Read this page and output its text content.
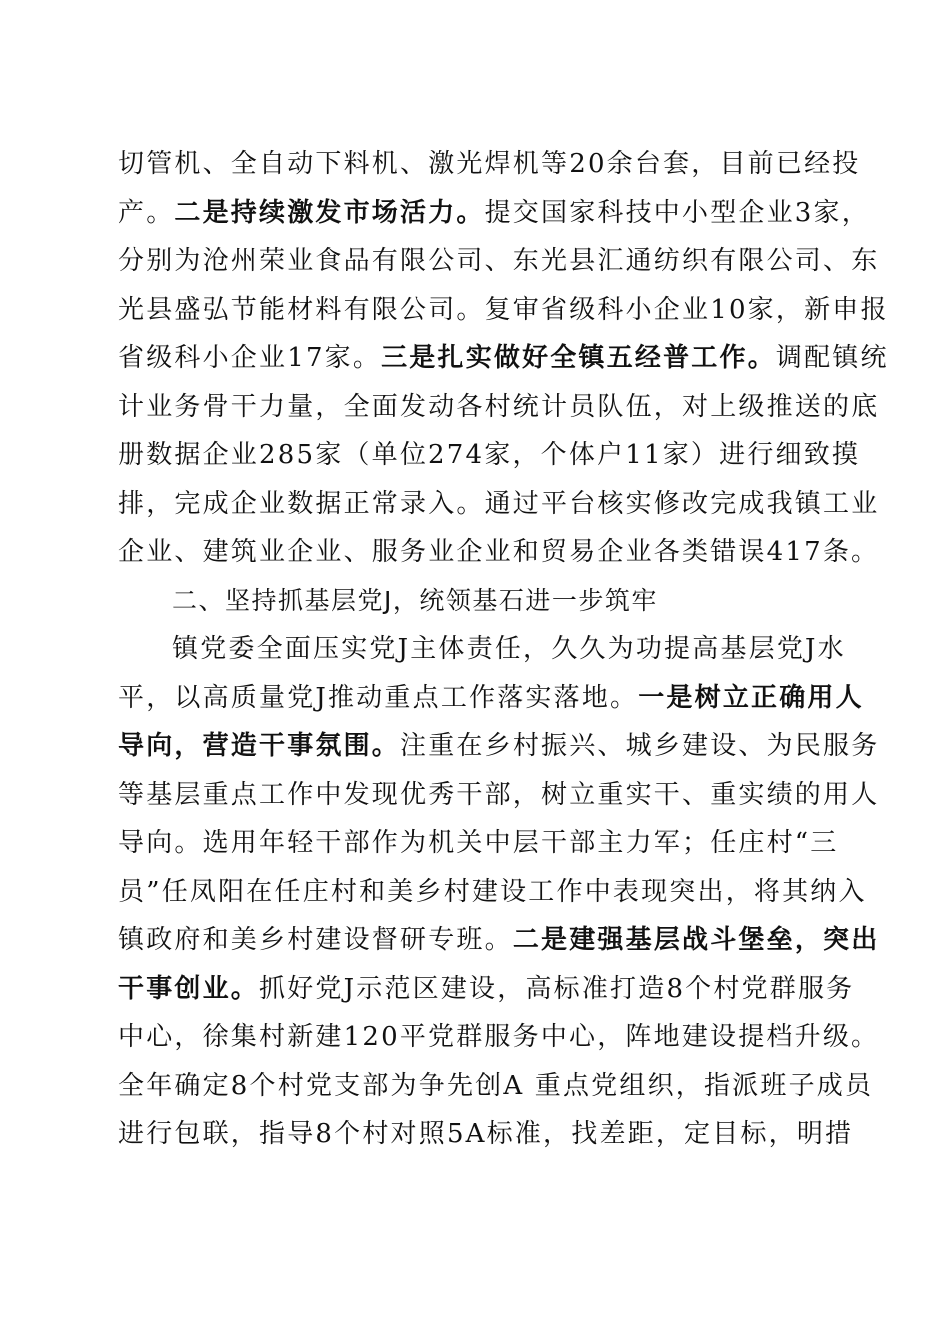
切管机、全自动下料机、激光焊机等20余台套，目前已经投
产。二是持续激发市场活力。提交国家科技中小型企业3家，
分别为沧州荣业食品有限公司、东光县汇通纺织有限公司、东
光县盛弘节能材料有限公司。复审省级科小企业10家，新申报
省级科小企业17家。三是扎实做好全镇五经普工作。调配镇统
计业务骨干力量，全面发动各村统计员队伍，对上级推送的底
册数据企业285家（单位274家，个体户11家）进行细致摸
排，完成企业数据正常录入。通过平台核实修改完成我镇工业
企业、建筑业企业、服务业企业和贸易企业各类错误417条。
二、坚持抓基层党J，统领基石进一步筑牢
镇党委全面压实党J主体责任，久久为功提高基层党J水
平，以高质量党J推动重点工作落实落地。一是树立正确用人
导向，营造干事氛围。注重在乡村振兴、城乡建设、为民服务
等基层重点工作中发现优秀干部，树立重实干、重实绩的用人
导向。选用年轻干部作为机关中层干部主力军；任庄村“三
员”任凤阳在任庄村和美乡村建设工作中表现突出，将其纳入
镇政府和美乡村建设督研专班。二是建强基层战斗堡垒，突出
干事创业。抓好党J示范区建设，高标准打造8个村党群服务
中心，徐集村新建120平党群服务中心，阵地建设提档升级。
全年确定8个村党支部为争先创A 重点党组织，指派班子成员
进行包联，指导8个村对照5A标准，找差距，定目标，明措
